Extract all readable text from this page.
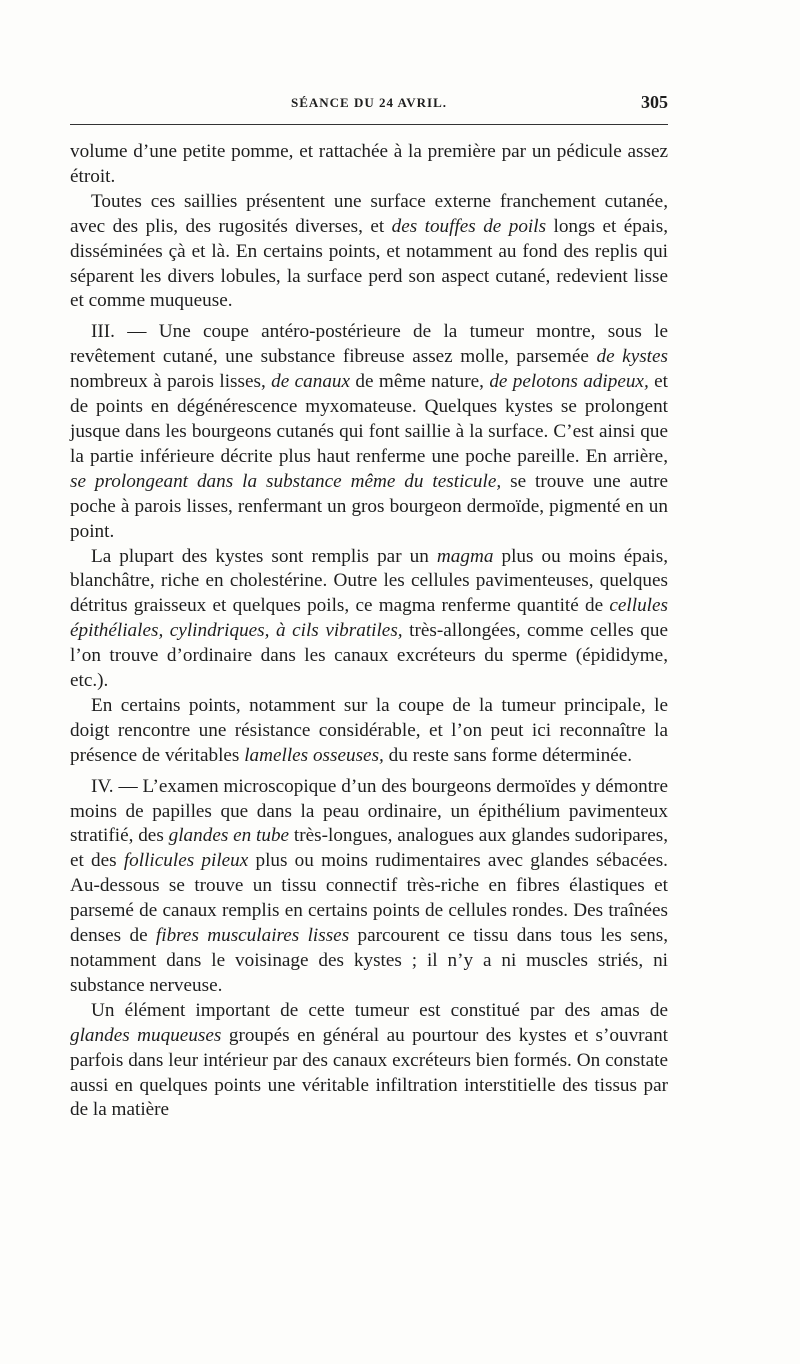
SÉANCE DU 24 AVRIL.	305

volume d’une petite pomme, et rattachée à la première par un pédicule assez étroit.

Toutes ces saillies présentent une surface externe franchement cutanée, avec des plis, des rugosités diverses, et des touffes de poils longs et épais, disséminées çà et là. En certains points, et notamment au fond des replis qui séparent les divers lobules, la surface perd son aspect cutané, redevient lisse et comme muqueuse.

III. — Une coupe antéro-postérieure de la tumeur montre, sous le revêtement cutané, une substance fibreuse assez molle, parsemée de kystes nombreux à parois lisses, de canaux de même nature, de pelotons adipeux, et de points en dégénérescence myxomateuse. Quelques kystes se prolongent jusque dans les bourgeons cutanés qui font saillie à la surface. C’est ainsi que la partie inférieure décrite plus haut renferme une poche pareille. En arrière, se prolongeant dans la substance même du testicule, se trouve une autre poche à parois lisses, renfermant un gros bourgeon dermoïde, pigmenté en un point.

La plupart des kystes sont remplis par un magma plus ou moins épais, blanchâtre, riche en cholestérine. Outre les cellules pavimenteuses, quelques détritus graisseux et quelques poils, ce magma renferme quantité de cellules épithéliales, cylindriques, à cils vibratiles, très-allongées, comme celles que l’on trouve d’ordinaire dans les canaux excréteurs du sperme (épididyme, etc.).

En certains points, notamment sur la coupe de la tumeur principale, le doigt rencontre une résistance considérable, et l’on peut ici reconnaître la présence de véritables lamelles osseuses, du reste sans forme déterminée.

IV. — L’examen microscopique d’un des bourgeons dermoïdes y démontre moins de papilles que dans la peau ordinaire, un épithélium pavimenteux stratifié, des glandes en tube très-longues, analogues aux glandes sudoripares, et des follicules pileux plus ou moins rudimentaires avec glandes sébacées. Au-dessous se trouve un tissu connectif très-riche en fibres élastiques et parsemé de canaux remplis en certains points de cellules rondes. Des traînées denses de fibres musculaires lisses parcourent ce tissu dans tous les sens, notamment dans le voisinage des kystes ; il n’y a ni muscles striés, ni substance nerveuse.

Un élément important de cette tumeur est constitué par des amas de glandes muqueuses groupés en général au pourtour des kystes et s’ouvrant parfois dans leur intérieur par des canaux excréteurs bien formés. On constate aussi en quelques points une véritable infiltration interstitielle des tissus par de la matière
